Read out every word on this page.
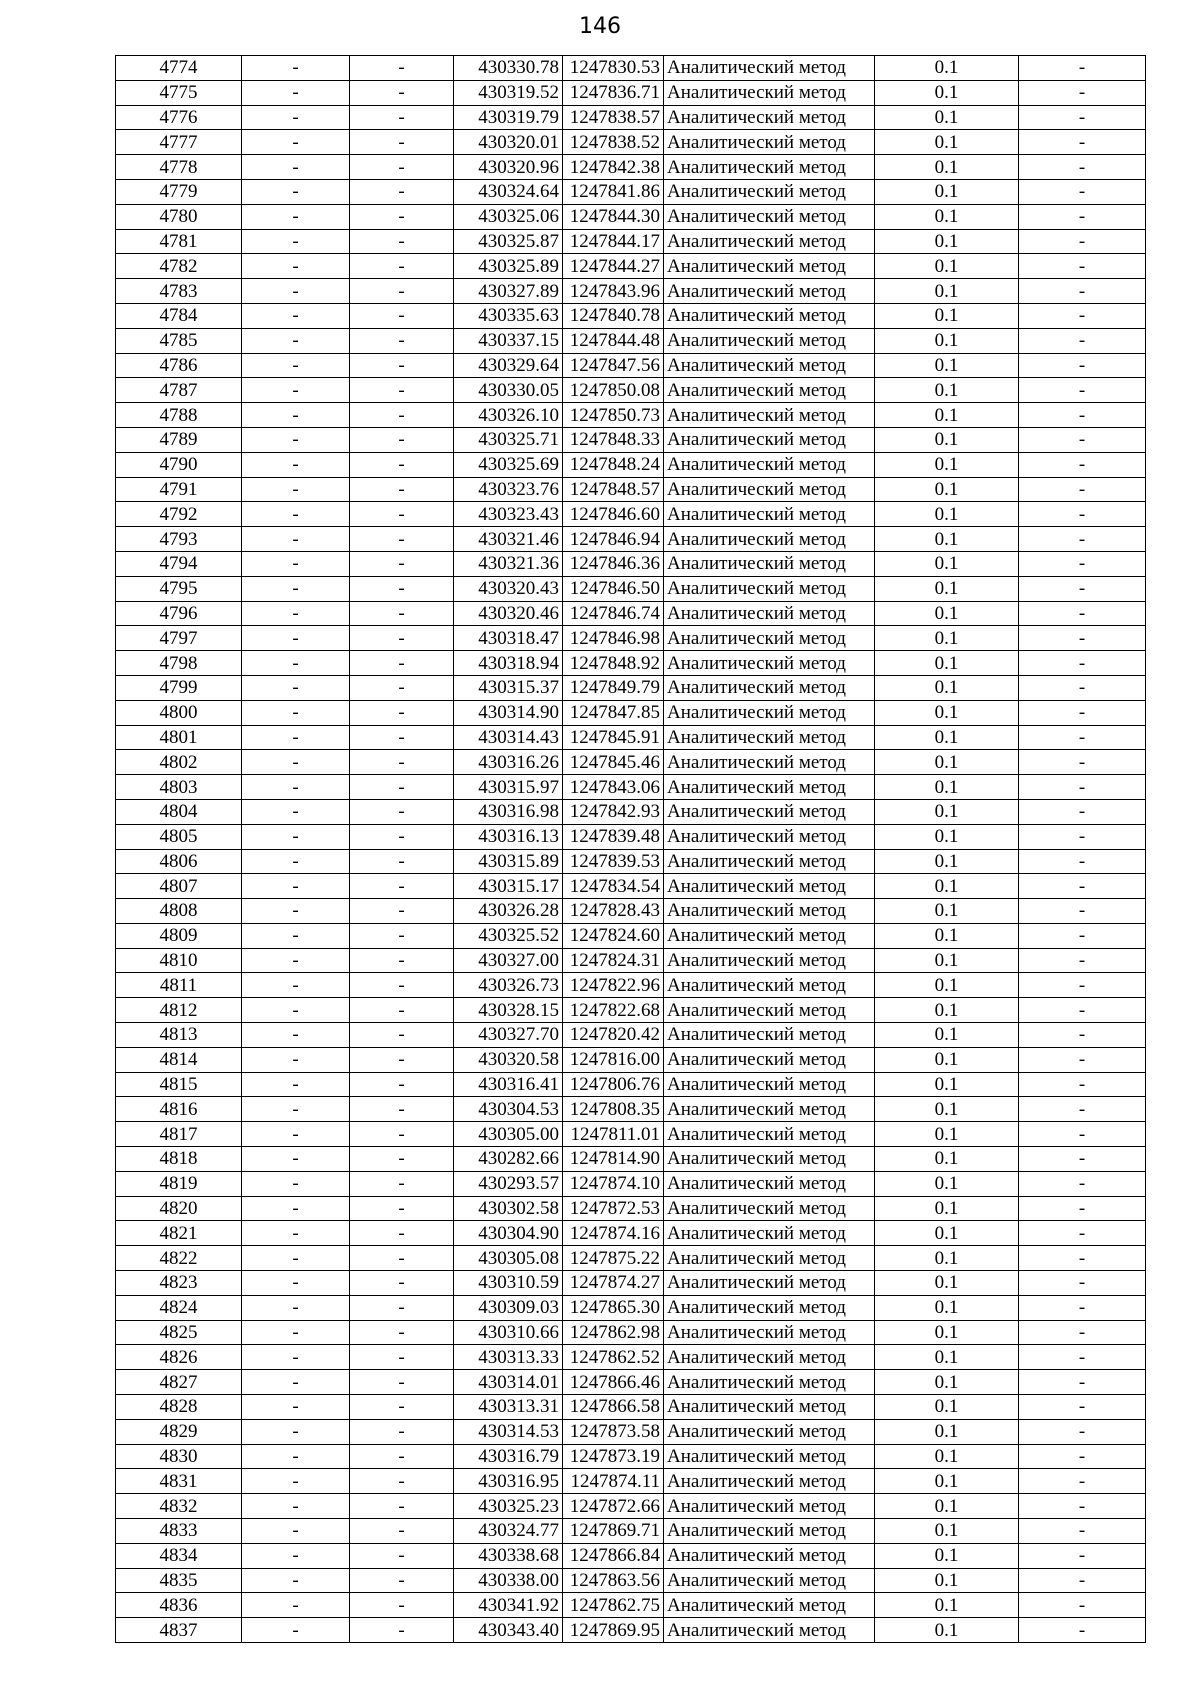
146
4774	-	-	430330.78	1247830.53	Аналитический метод	0.1	-
4775	-	-	430319.52	1247836.71	Аналитический метод	0.1	-
4776	-	-	430319.79	1247838.57	Аналитический метод	0.1	-
4777	-	-	430320.01	1247838.52	Аналитический метод	0.1	-
4778	-	-	430320.96	1247842.38	Аналитический метод	0.1	-
4779	-	-	430324.64	1247841.86	Аналитический метод	0.1	-
4780	-	-	430325.06	1247844.30	Аналитический метод	0.1	-
4781	-	-	430325.87	1247844.17	Аналитический метод	0.1	-
4782	-	-	430325.89	1247844.27	Аналитический метод	0.1	-
4783	-	-	430327.89	1247843.96	Аналитический метод	0.1	-
4784	-	-	430335.63	1247840.78	Аналитический метод	0.1	-
4785	-	-	430337.15	1247844.48	Аналитический метод	0.1	-
4786	-	-	430329.64	1247847.56	Аналитический метод	0.1	-
4787	-	-	430330.05	1247850.08	Аналитический метод	0.1	-
4788	-	-	430326.10	1247850.73	Аналитический метод	0.1	-
4789	-	-	430325.71	1247848.33	Аналитический метод	0.1	-
4790	-	-	430325.69	1247848.24	Аналитический метод	0.1	-
4791	-	-	430323.76	1247848.57	Аналитический метод	0.1	-
4792	-	-	430323.43	1247846.60	Аналитический метод	0.1	-
4793	-	-	430321.46	1247846.94	Аналитический метод	0.1	-
4794	-	-	430321.36	1247846.36	Аналитический метод	0.1	-
4795	-	-	430320.43	1247846.50	Аналитический метод	0.1	-
4796	-	-	430320.46	1247846.74	Аналитический метод	0.1	-
4797	-	-	430318.47	1247846.98	Аналитический метод	0.1	-
4798	-	-	430318.94	1247848.92	Аналитический метод	0.1	-
4799	-	-	430315.37	1247849.79	Аналитический метод	0.1	-
4800	-	-	430314.90	1247847.85	Аналитический метод	0.1	-
4801	-	-	430314.43	1247845.91	Аналитический метод	0.1	-
4802	-	-	430316.26	1247845.46	Аналитический метод	0.1	-
4803	-	-	430315.97	1247843.06	Аналитический метод	0.1	-
4804	-	-	430316.98	1247842.93	Аналитический метод	0.1	-
4805	-	-	430316.13	1247839.48	Аналитический метод	0.1	-
4806	-	-	430315.89	1247839.53	Аналитический метод	0.1	-
4807	-	-	430315.17	1247834.54	Аналитический метод	0.1	-
4808	-	-	430326.28	1247828.43	Аналитический метод	0.1	-
4809	-	-	430325.52	1247824.60	Аналитический метод	0.1	-
4810	-	-	430327.00	1247824.31	Аналитический метод	0.1	-
4811	-	-	430326.73	1247822.96	Аналитический метод	0.1	-
4812	-	-	430328.15	1247822.68	Аналитический метод	0.1	-
4813	-	-	430327.70	1247820.42	Аналитический метод	0.1	-
4814	-	-	430320.58	1247816.00	Аналитический метод	0.1	-
4815	-	-	430316.41	1247806.76	Аналитический метод	0.1	-
4816	-	-	430304.53	1247808.35	Аналитический метод	0.1	-
4817	-	-	430305.00	1247811.01	Аналитический метод	0.1	-
4818	-	-	430282.66	1247814.90	Аналитический метод	0.1	-
4819	-	-	430293.57	1247874.10	Аналитический метод	0.1	-
4820	-	-	430302.58	1247872.53	Аналитический метод	0.1	-
4821	-	-	430304.90	1247874.16	Аналитический метод	0.1	-
4822	-	-	430305.08	1247875.22	Аналитический метод	0.1	-
4823	-	-	430310.59	1247874.27	Аналитический метод	0.1	-
4824	-	-	430309.03	1247865.30	Аналитический метод	0.1	-
4825	-	-	430310.66	1247862.98	Аналитический метод	0.1	-
4826	-	-	430313.33	1247862.52	Аналитический метод	0.1	-
4827	-	-	430314.01	1247866.46	Аналитический метод	0.1	-
4828	-	-	430313.31	1247866.58	Аналитический метод	0.1	-
4829	-	-	430314.53	1247873.58	Аналитический метод	0.1	-
4830	-	-	430316.79	1247873.19	Аналитический метод	0.1	-
4831	-	-	430316.95	1247874.11	Аналитический метод	0.1	-
4832	-	-	430325.23	1247872.66	Аналитический метод	0.1	-
4833	-	-	430324.77	1247869.71	Аналитический метод	0.1	-
4834	-	-	430338.68	1247866.84	Аналитический метод	0.1	-
4835	-	-	430338.00	1247863.56	Аналитический метод	0.1	-
4836	-	-	430341.92	1247862.75	Аналитический метод	0.1	-
4837	-	-	430343.40	1247869.95	Аналитический метод	0.1	-
